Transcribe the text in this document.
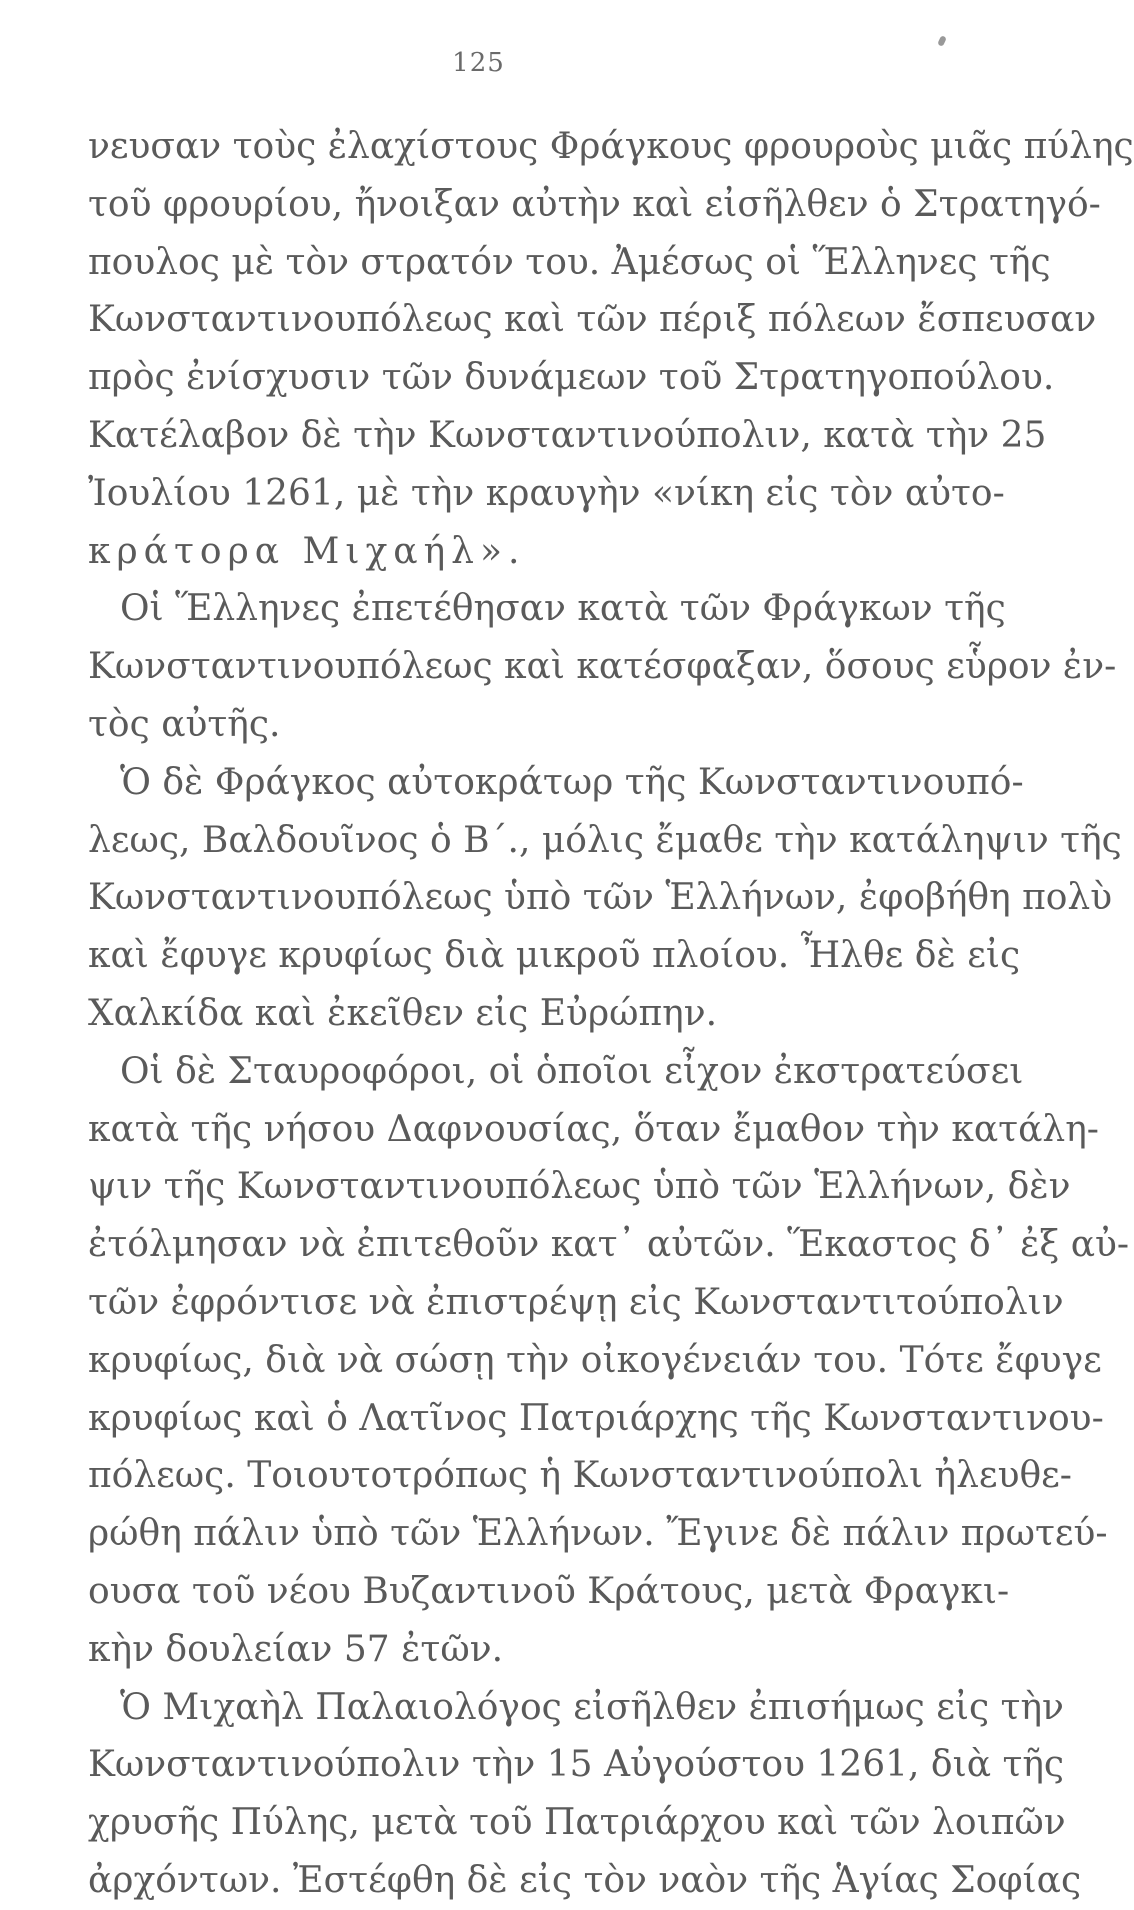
125
νευσαν τοὺς ἐλαχίστους Φράγκους φρουροὺς μιᾶς πύλης
τοῦ φρουρίου, ἤνοιξαν αὐτὴν καὶ εἰσῆλθεν ὁ Στρατηγό-
πουλος μὲ τὸν στρατόν του. Ἀμέσως οἱ Ἕλληνες τῆς
Κωνσταντινουπόλεως καὶ τῶν πέριξ πόλεων ἔσπευσαν
πρὸς ἐνίσχυσιν τῶν δυνάμεων τοῦ Στρατηγοπούλου.
Κατέλαβον δὲ τὴν Κωνσταντινούπολιν, κατὰ τὴν 25
Ἰουλίου 1261, μὲ τὴν κραυγὴν «νίκη εἰς τὸν αὐτο-
κράτορα Μιχαήλ».
Οἱ Ἕλληνες ἐπετέθησαν κατὰ τῶν Φράγκων τῆς
Κωνσταντινουπόλεως καὶ κατέσφαξαν, ὅσους εὗρον ἐν-
τὸς αὐτῆς.
Ὁ δὲ Φράγκος αὐτοκράτωρ τῆς Κωνσταντινουπό-
λεως, Βαλδουῖνος ὁ Β΄., μόλις ἔμαθε τὴν κατάληψιν τῆς
Κωνσταντινουπόλεως ὑπὸ τῶν Ἑλλήνων, ἐφοβήθη πολὺ
καὶ ἔφυγε κρυφίως διὰ μικροῦ πλοίου. Ἦλθε δὲ εἰς
Χαλκίδα καὶ ἐκεῖθεν εἰς Εὐρώπην.
Οἱ δὲ Σταυροφόροι, οἱ ὁποῖοι εἶχον ἐκστρατεύσει
κατὰ τῆς νήσου Δαφνουσίας, ὅταν ἔμαθον τὴν κατάλη-
ψιν τῆς Κωνσταντινουπόλεως ὑπὸ τῶν Ἑλλήνων, δὲν
ἐτόλμησαν νὰ ἐπιτεθοῦν κατ᾽ αὐτῶν. Ἕκαστος δ᾽ ἐξ αὐ-
τῶν ἐφρόντισε νὰ ἐπιστρέψῃ εἰς Κωνσταντιτούπολιν
κρυφίως, διὰ νὰ σώσῃ τὴν οἰκογένειάν του. Τότε ἔφυγε
κρυφίως καὶ ὁ Λατῖνος Πατριάρχης τῆς Κωνσταντινου-
πόλεως. Τοιουτοτρόπως ἡ Κωνσταντινούπολι ἠλευθε-
ρώθη πάλιν ὑπὸ τῶν Ἑλλήνων. Ἔγινε δὲ πάλιν πρωτεύ-
ουσα τοῦ νέου Βυζαντινοῦ Κράτους, μετὰ Φραγκι-
κὴν δουλείαν 57 ἐτῶν.
Ὁ Μιχαὴλ Παλαιολόγος εἰσῆλθεν ἐπισήμως εἰς τὴν
Κωνσταντινούπολιν τὴν 15 Αὐγούστου 1261, διὰ τῆς
χρυσῆς Πύλης, μετὰ τοῦ Πατριάρχου καὶ τῶν λοιπῶν
ἀρχόντων. Ἐστέφθη δὲ εἰς τὸν ναὸν τῆς Ἁγίας Σοφίας
